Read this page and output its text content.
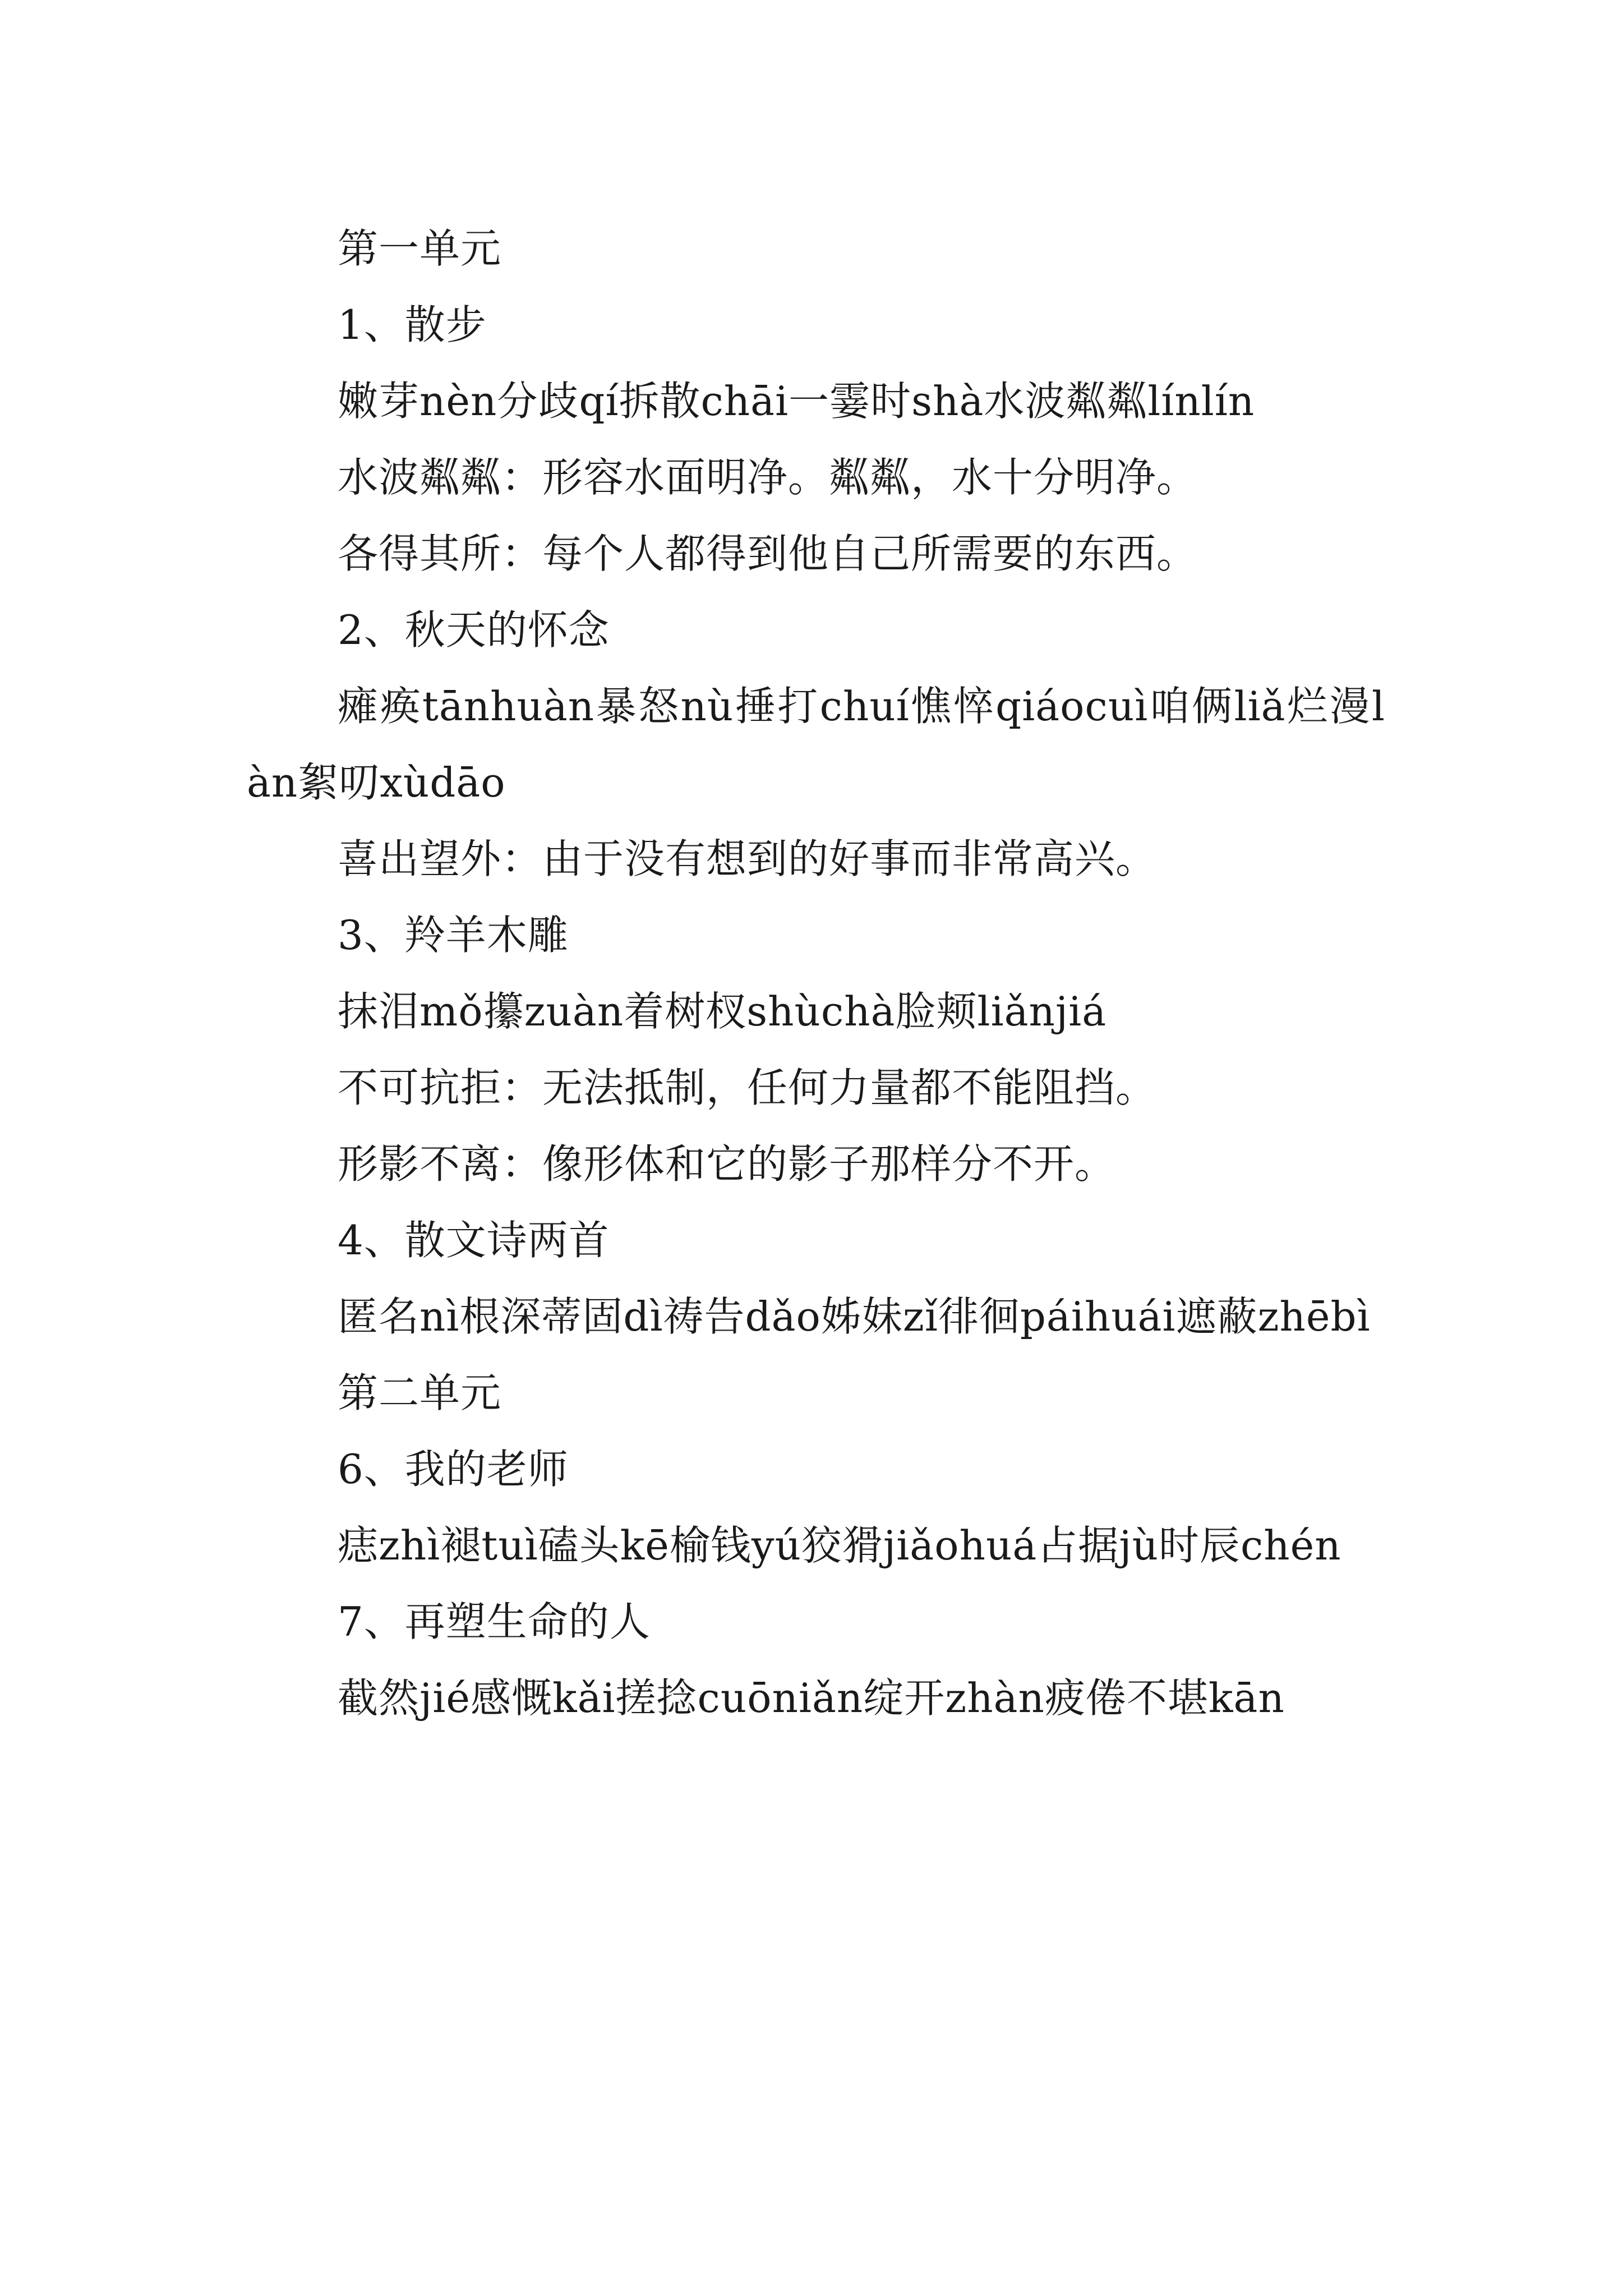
第一单元

1、散步

嫩芽nèn分歧qí拆散chāi一霎时shà水波粼粼línlín

水波粼粼：形容水面明净。粼粼，水十分明净。

各得其所：每个人都得到他自己所需要的东西。

2、秋天的怀念

瘫痪tānhuàn暴怒nù捶打chuí憔悴qiáocuì咱俩liǎ烂漫làn絮叨xùdāo

喜出望外：由于没有想到的好事而非常高兴。

3、羚羊木雕

抹泪mǒ攥zuàn着树杈shùchà脸颊liǎnjiá

不可抗拒：无法抵制，任何力量都不能阻挡。

形影不离：像形体和它的影子那样分不开。

4、散文诗两首

匿名nì根深蒂固dì祷告dǎo姊妹zǐ徘徊páihuái遮蔽zhēbì

第二单元

6、我的老师

痣zhì褪tuì磕头kē榆钱yú狡猾jiǎohuá占据jù时辰chén

7、再塑生命的人

截然jié感慨kǎi搓捻cuōniǎn绽开zhàn疲倦不堪kān
